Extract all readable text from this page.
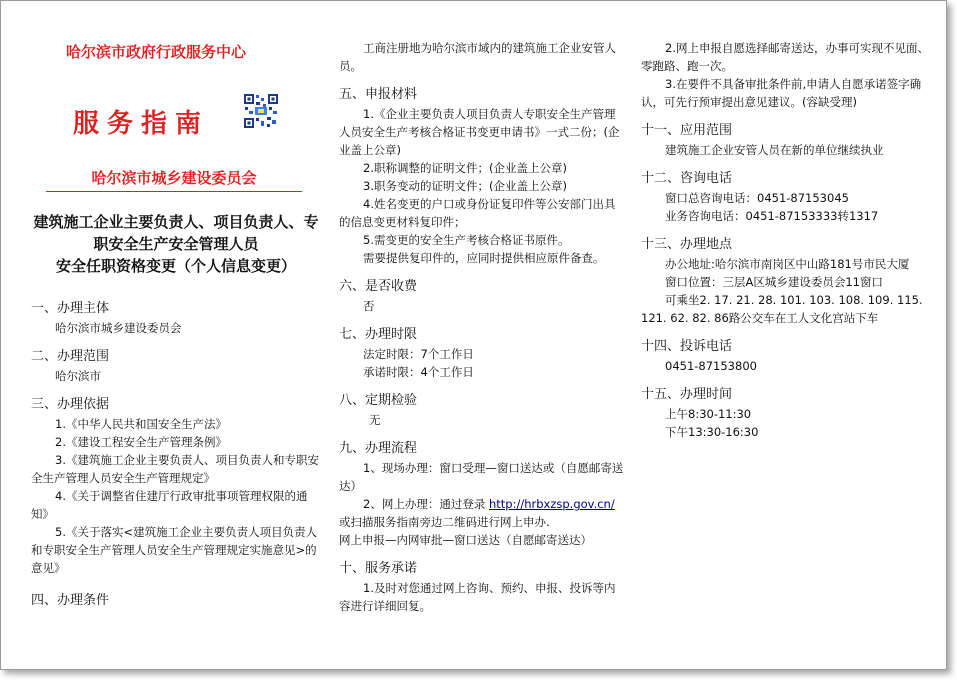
哈尔滨市政府行政服务中心
服务指南
哈尔滨市城乡建设委员会
建筑施工企业主要负责人、项目负责人、专
职安全生产安全管理人员
安全任职资格变更（个人信息变更）
一、办理主体
哈尔滨市城乡建设委员会
二、办理范围
哈尔滨市
三、办理依据
1.《中华人民共和国安全生产法》
2.《建设工程安全生产管理条例》
3.《建筑施工企业主要负责人、项目负责人和专职安全生产管理人员安全生产管理规定》
4.《关于调整省住建厅行政审批事项管理权限的通知》
5.《关于落实<建筑施工企业主要负责人项目负责人和专职安全生产管理人员安全生产管理规定实施意见>的意见》
四、办理条件
工商注册地为哈尔滨市域内的建筑施工企业安管人员。
五、申报材料
1.《企业主要负责人项目负责人专职安全生产管理人员安全生产考核合格证书变更申请书》一式二份；(企业盖上公章)
2.职称调整的证明文件；(企业盖上公章)
3.职务变动的证明文件；(企业盖上公章)
4.姓名变更的户口或身份证复印件等公安部门出具的信息变更材料复印件；
5.需变更的安全生产考核合格证书原件。
需要提供复印件的，应同时提供相应原件备查。
六、是否收费
否
七、办理时限
法定时限：7个工作日
承诺时限：4个工作日
八、定期检验
无
九、办理流程
1、现场办理：窗口受理—窗口送达或（自愿邮寄送达）
2、网上办理：通过登录 http://hrbxzsp.gov.cn/
或扫描服务指南旁边二维码进行网上申办.
网上申报—内网审批—窗口送达（自愿邮寄送达）
十、服务承诺
1.及时对您通过网上咨询、预约、申报、投诉等内容进行详细回复。
2.网上申报自愿选择邮寄送达，办事可实现不见面、零跑路、跑一次。
3.在要件不具备审批条件前,申请人自愿承诺签字确认，可先行预审提出意见建议。(容缺受理)
十一、应用范围
建筑施工企业安管人员在新的单位继续执业
十二、咨询电话
窗口总咨询电话：0451-87153045
业务咨询电话：0451-87153333转1317
十三、办理地点
办公地址:哈尔滨市南岗区中山路181号市民大厦
窗口位置：三层A区城乡建设委员会11窗口
可乘坐2. 17. 21. 28. 101. 103. 108. 109. 115. 121. 62. 82. 86路公交车在工人文化宫站下车
十四、投诉电话
0451-87153800
十五、办理时间
上午8:30-11:30
下午13:30-16:30
